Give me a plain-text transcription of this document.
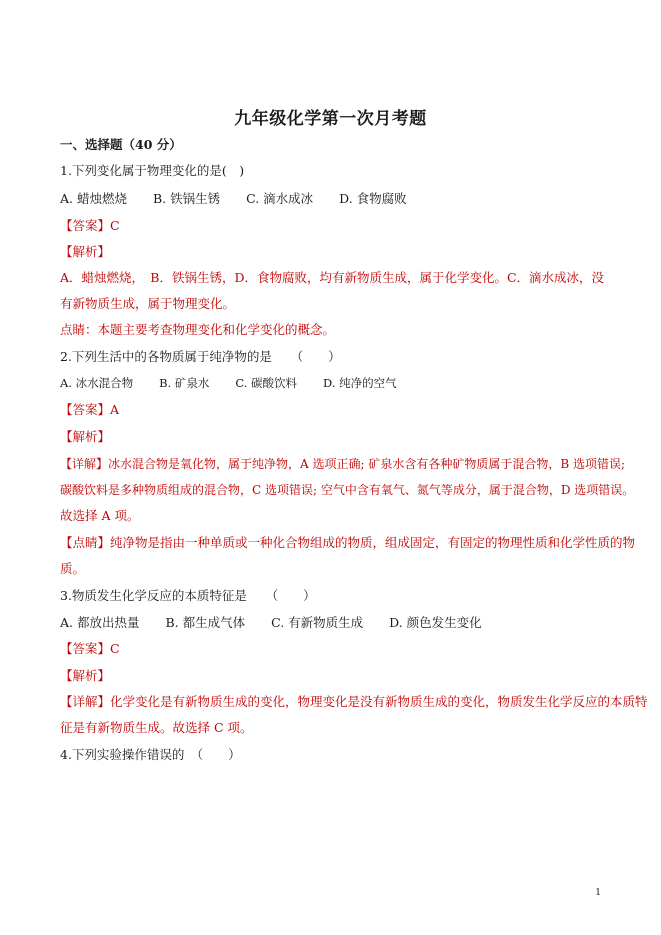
九年级化学第一次月考题
一、选择题（40 分）
1.下列变化属于物理变化的是(　)
A. 蜡烛燃烧 B. 铁锅生锈 C. 滴水成冰 D. 食物腐败
【答案】C
【解析】
A．蜡烛燃烧，　B．铁锅生锈，D．食物腐败，均有新物质生成，属于化学变化。C．滴水成冰，没
有新物质生成，属于物理变化。
点睛：本题主要考查物理变化和化学变化的概念。
2.下列生活中的各物质属于纯净物的是　　（　　）
A. 冰水混合物 B. 矿泉水 C. 碳酸饮料 D. 纯净的空气
【答案】A
【解析】
【详解】冰水混合物是氧化物，属于纯净物，A 选项正确; 矿泉水含有各种矿物质属于混合物，B 选项错误;
碳酸饮料是多种物质组成的混合物，C 选项错误; 空气中含有氧气、氮气等成分，属于混合物，D 选项错误。
故选择 A 项。
【点睛】纯净物是指由一种单质或一种化合物组成的物质，组成固定，有固定的物理性质和化学性质的物
质。
3.物质发生化学反应的本质特征是　　（　　）
A. 都放出热量 B. 都生成气体 C. 有新物质生成 D. 颜色发生变化
【答案】C
【解析】
【详解】化学变化是有新物质生成的变化，物理变化是没有新物质生成的变化，物质发生化学反应的本质特
征是有新物质生成。故选择 C 项。
4.下列实验操作错误的　（　　）
1
